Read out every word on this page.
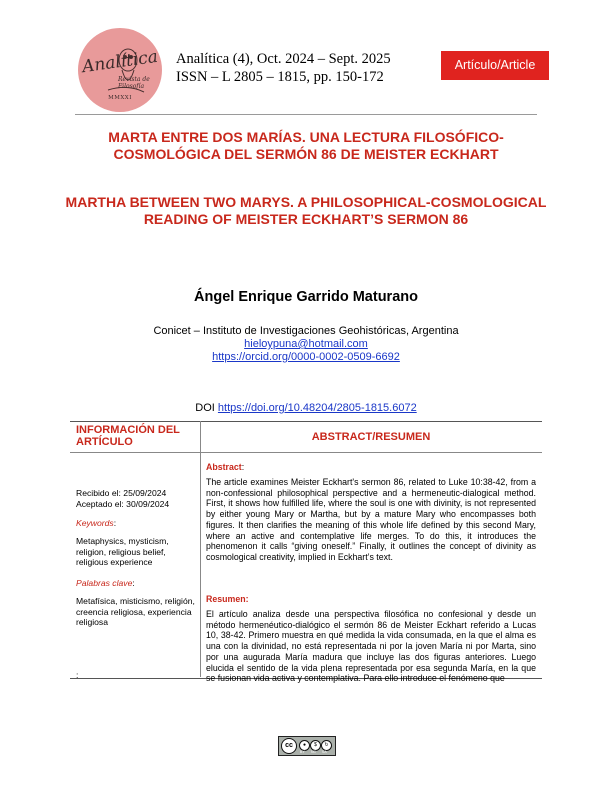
Analítica
Revista de Filosofía
MMXXI
Analítica (4), Oct. 2024 – Sept. 2025
ISSN – L 2805 – 1815, pp. 150-172
Artículo/Article
MARTA ENTRE DOS MARÍAS. UNA LECTURA FILOSÓFICO-COSMOLÓGICA DEL SERMÓN 86 DE MEISTER ECKHART
MARTHA BETWEEN TWO MARYS. A PHILOSOPHICAL-COSMOLOGICAL READING OF MEISTER ECKHART’S SERMON 86
Ángel Enrique Garrido Maturano
Conicet – Instituto de Investigaciones Geohistóricas, Argentina
hieloypuna@hotmail.com
https://orcid.org/0000-0002-0509-6692
DOI https://doi.org/10.48204/2805-1815.6072
INFORMACIÓN DEL ARTÍCULO	ABSTRACT/RESUMEN
Recibido el: 25/09/2024
Aceptado el: 30/09/2024
Keywords:
Metaphysics, mysticism, religion, religious belief, religious experience
Palabras clave:
Metafísica, misticismo, religión, creencia religiosa, experiencia religiosa
:
Abstract:
The article examines Meister Eckhart's sermon 86, related to Luke 10:38-42, from a non-confessional philosophical perspective and a hermeneutic-dialogical method. First, it shows how fulfilled life, where the soul is one with divinity, is not represented by either young Mary or Martha, but by a mature Mary who encompasses both figures. It then clarifies the meaning of this whole life defined by this second Mary, where an active and contemplative life merges. To do this, it introduces the phenomenon it calls “giving oneself.” Finally, it outlines the concept of divinity as cosmological creativity, implied in Eckhart’s text.
Resumen:
El artículo analiza desde una perspectiva filosófica no confesional y desde un método hermenéutico-dialógico el sermón 86 de Meister Eckhart referido a Lucas 10, 38-42. Primero muestra en qué medida la vida consumada, en la que el alma es una con la divinidad, no está representada ni por la joven María ni por Marta, sino por una augurada María madura que incluye las dos figuras anteriores. Luego elucida el sentido de la vida plena representada por esa segunda María, en la que se fusionan vida activa y contemplativa. Para ello introduce el fenómeno que
cc	●	$	↻
BY NC SA
